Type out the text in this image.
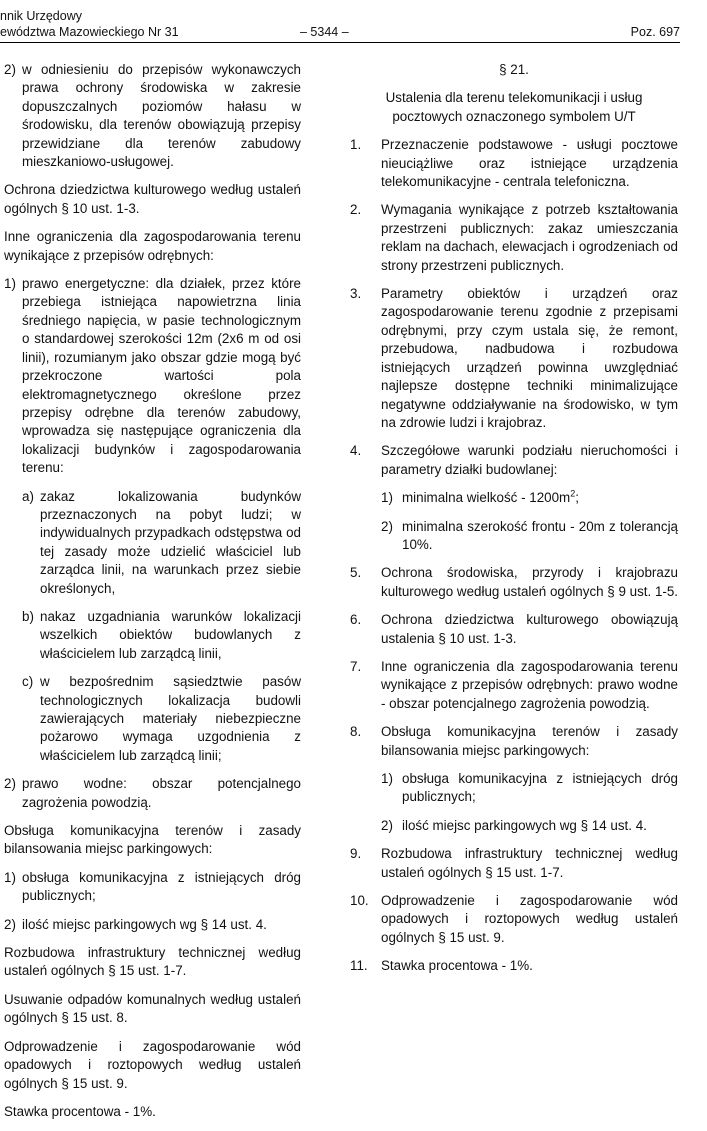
nnik Urzędowy
ewództwa Mazowieckiego Nr 31	– 5344 –	Poz. 697
2) w odniesieniu do przepisów wykonawczych prawa ochrony środowiska w zakresie dopuszczalnych poziomów hałasu w środowisku, dla terenów obowiązują przepisy przewidziane dla terenów zabudowy mieszkaniowo-usługowej.

Ochrona dziedzictwa kulturowego według ustaleń ogólnych § 10 ust. 1-3.

Inne ograniczenia dla zagospodarowania terenu wynikające z przepisów odrębnych:

1) prawo energetyczne: dla działek, przez które przebiega istniejąca napowietrzna linia średniego napięcia, w pasie technologicznym o standardowej szerokości 12m (2x6 m od osi linii), rozumianym jako obszar gdzie mogą być przekroczone wartości pola elektromagnetycznego określone przez przepisy odrębne dla terenów zabudowy, wprowadza się następujące ograniczenia dla lokalizacji budynków i zagospodarowania terenu:
a) zakaz lokalizowania budynków przeznaczonych na pobyt ludzi; w indywidualnych przypadkach odstępstwa od tej zasady może udzielić właściciel lub zarządca linii, na warunkach przez siebie określonych,
b) nakaz uzgadniania warunków lokalizacji wszelkich obiektów budowlanych z właścicielem lub zarządcą linii,
c) w bezpośrednim sąsiedztwie pasów technologicznych lokalizacja budowli zawierających materiały niebezpieczne pożarowo wymaga uzgodnienia z właścicielem lub zarządcą linii;
2) prawo wodne: obszar potencjalnego zagrożenia powodzią.

Obsługa komunikacyjna terenów i zasady bilansowania miejsc parkingowych:

1) obsługa komunikacyjna z istniejących dróg publicznych;
2) ilość miejsc parkingowych wg § 14 ust. 4.

Rozbudowa infrastruktury technicznej według ustaleń ogólnych § 15 ust. 1-7.

Usuwanie odpadów komunalnych według ustaleń ogólnych § 15 ust. 8.

Odprowadzenie i zagospodarowanie wód opadowych i roztopowych według ustaleń ogólnych § 15 ust. 9.

Stawka procentowa - 1%.

§ 21.

Ustalenia dla terenu telekomunikacji i usług pocztowych oznaczonego symbolem U/T

1.	Przeznaczenie podstawowe - usługi pocztowe nieuciążliwe oraz istniejące urządzenia telekomunikacyjne - centrala telefoniczna.
2.	Wymagania wynikające z potrzeb kształtowania przestrzeni publicznych: zakaz umieszczania reklam na dachach, elewacjach i ogrodzeniach od strony przestrzeni publicznych.
3.	Parametry obiektów i urządzeń oraz zagospodarowanie terenu zgodnie z przepisami odrębnymi, przy czym ustala się, że remont, przebudowa, nadbudowa i rozbudowa istniejących urządzeń powinna uwzględniać najlepsze dostępne techniki minimalizujące negatywne oddziaływanie na środowisko, w tym na zdrowie ludzi i krajobraz.
4.	Szczegółowe warunki podziału nieruchomości i parametry działki budowlanej:
1) minimalna wielkość - $1200m^2$;
2) minimalna szerokość frontu - 20m z tolerancją 10%.
5.	Ochrona środowiska, przyrody i krajobrazu kulturowego według ustaleń ogólnych § 9 ust. 1-5.
6.	Ochrona dziedzictwa kulturowego obowiązują ustalenia § 10 ust. 1-3.
7.	Inne ograniczenia dla zagospodarowania terenu wynikające z przepisów odrębnych: prawo wodne - obszar potencjalnego zagrożenia powodzią.
8.	Obsługa komunikacyjna terenów i zasady bilansowania miejsc parkingowych:
1) obsługa komunikacyjna z istniejących dróg publicznych;
2) ilość miejsc parkingowych wg § 14 ust. 4.
9.	Rozbudowa infrastruktury technicznej według ustaleń ogólnych § 15 ust. 1-7.
10. Odprowadzenie i zagospodarowanie wód opadowych i roztopowych według ustaleń ogólnych § 15 ust. 9.
11. Stawka procentowa - 1%.
